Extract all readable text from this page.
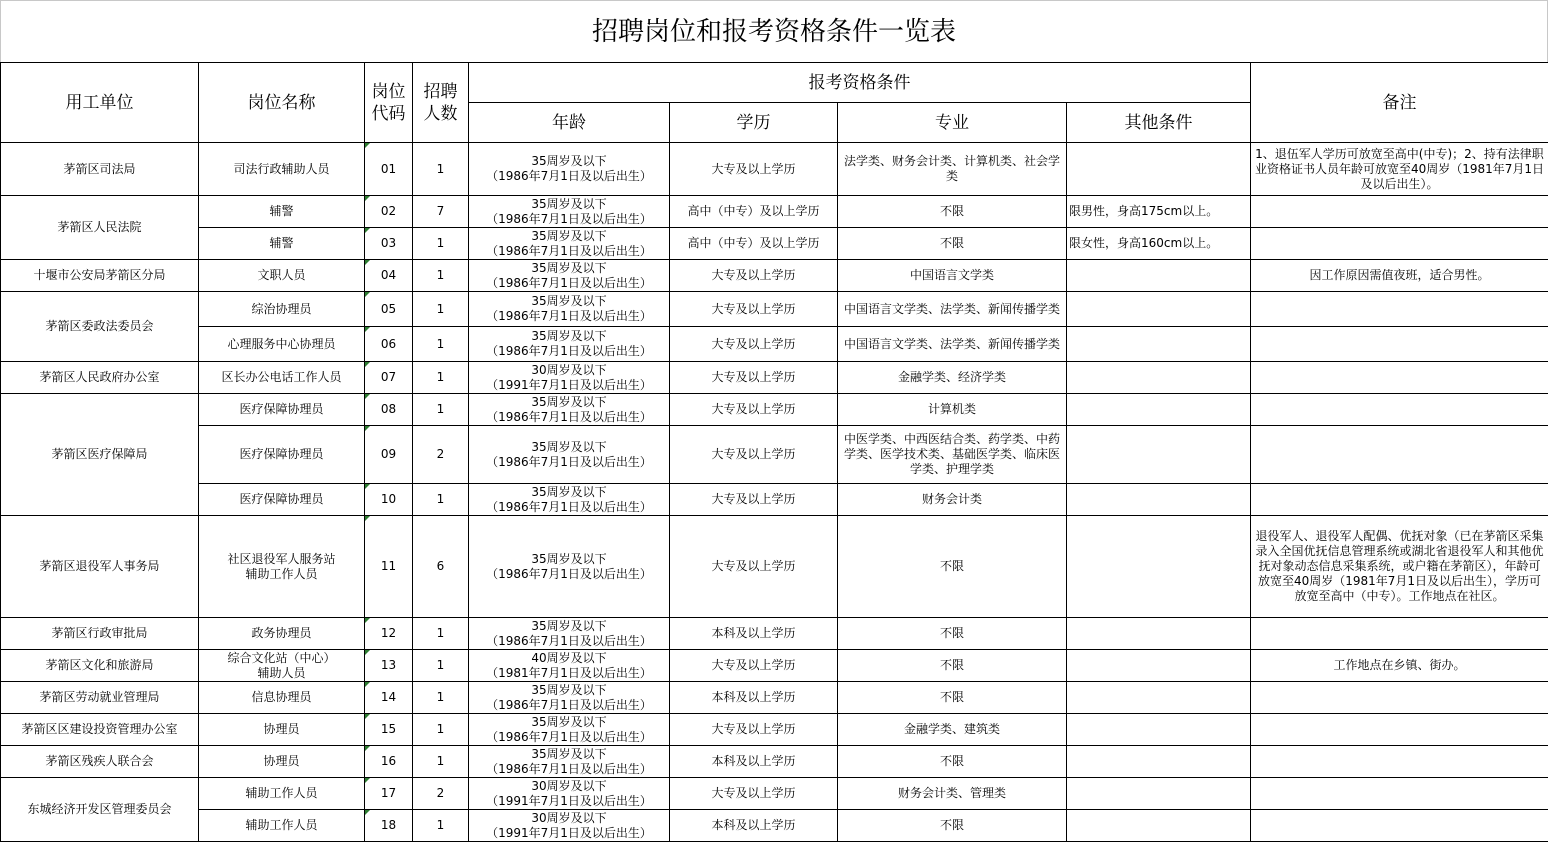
招聘岗位和报考资格条件一览表
用工单位	岗位名称	岗位代码	招聘人数	报考资格条件				备注
				年龄	学历	专业	其他条件	
茅箭区司法局	司法行政辅助人员	01	1	35周岁及以下
（1986年7月1日及以后出生）	大专及以上学历	法学类、财务会计类、计算机类、社会学类		1、退伍军人学历可放宽至高中(中专)；2、持有法律职业资格证书人员年龄可放宽至40周岁（1981年7月1日及以后出生）。
茅箭区人民法院	辅警	02	7	35周岁及以下
（1986年7月1日及以后出生）	高中（中专）及以上学历	不限	限男性，身高175cm以上。	
	辅警	03	1	35周岁及以下
（1986年7月1日及以后出生）	高中（中专）及以上学历	不限	限女性，身高160cm以上。	
十堰市公安局茅箭区分局	文职人员	04	1	35周岁及以下
（1986年7月1日及以后出生）	大专及以上学历	中国语言文学类		因工作原因需值夜班，适合男性。
茅箭区委政法委员会	综治协理员	05	1	35周岁及以下
（1986年7月1日及以后出生）	大专及以上学历	中国语言文学类、法学类、新闻传播学类		
	心理服务中心协理员	06	1	35周岁及以下
（1986年7月1日及以后出生）	大专及以上学历	中国语言文学类、法学类、新闻传播学类		
茅箭区人民政府办公室	区长办公电话工作人员	07	1	30周岁及以下
（1991年7月1日及以后出生）	大专及以上学历	金融学类、经济学类		
茅箭区医疗保障局	医疗保障协理员	08	1	35周岁及以下
（1986年7月1日及以后出生）	大专及以上学历	计算机类		
	医疗保障协理员	09	2	35周岁及以下
（1986年7月1日及以后出生）	大专及以上学历	中医学类、中西医结合类、药学类、中药学类、医学技术类、基础医学类、临床医学类、护理学类		
	医疗保障协理员	10	1	35周岁及以下
（1986年7月1日及以后出生）	大专及以上学历	财务会计类		
茅箭区退役军人事务局	社区退役军人服务站
辅助工作人员	11	6	35周岁及以下
（1986年7月1日及以后出生）	大专及以上学历	不限		退役军人、退役军人配偶、优抚对象（已在茅箭区采集录入全国优抚信息管理系统或湖北省退役军人和其他优抚对象动态信息采集系统，或户籍在茅箭区），年龄可放宽至40周岁（1981年7月1日及以后出生），学历可放宽至高中（中专）。工作地点在社区。
茅箭区行政审批局	政务协理员	12	1	35周岁及以下
（1986年7月1日及以后出生）	本科及以上学历	不限		
茅箭区文化和旅游局	综合文化站（中心）
辅助人员	13	1	40周岁及以下
（1981年7月1日及以后出生）	大专及以上学历	不限		工作地点在乡镇、街办。
茅箭区劳动就业管理局	信息协理员	14	1	35周岁及以下
（1986年7月1日及以后出生）	本科及以上学历	不限		
茅箭区区建设投资管理办公室	协理员	15	1	35周岁及以下
（1986年7月1日及以后出生）	大专及以上学历	金融学类、建筑类		
茅箭区残疾人联合会	协理员	16	1	35周岁及以下
（1986年7月1日及以后出生）	本科及以上学历	不限		
东城经济开发区管理委员会	辅助工作人员	17	2	30周岁及以下
（1991年7月1日及以后出生）	大专及以上学历	财务会计类、管理类		
	辅助工作人员	18	1	30周岁及以下
（1991年7月1日及以后出生）	本科及以上学历	不限		
